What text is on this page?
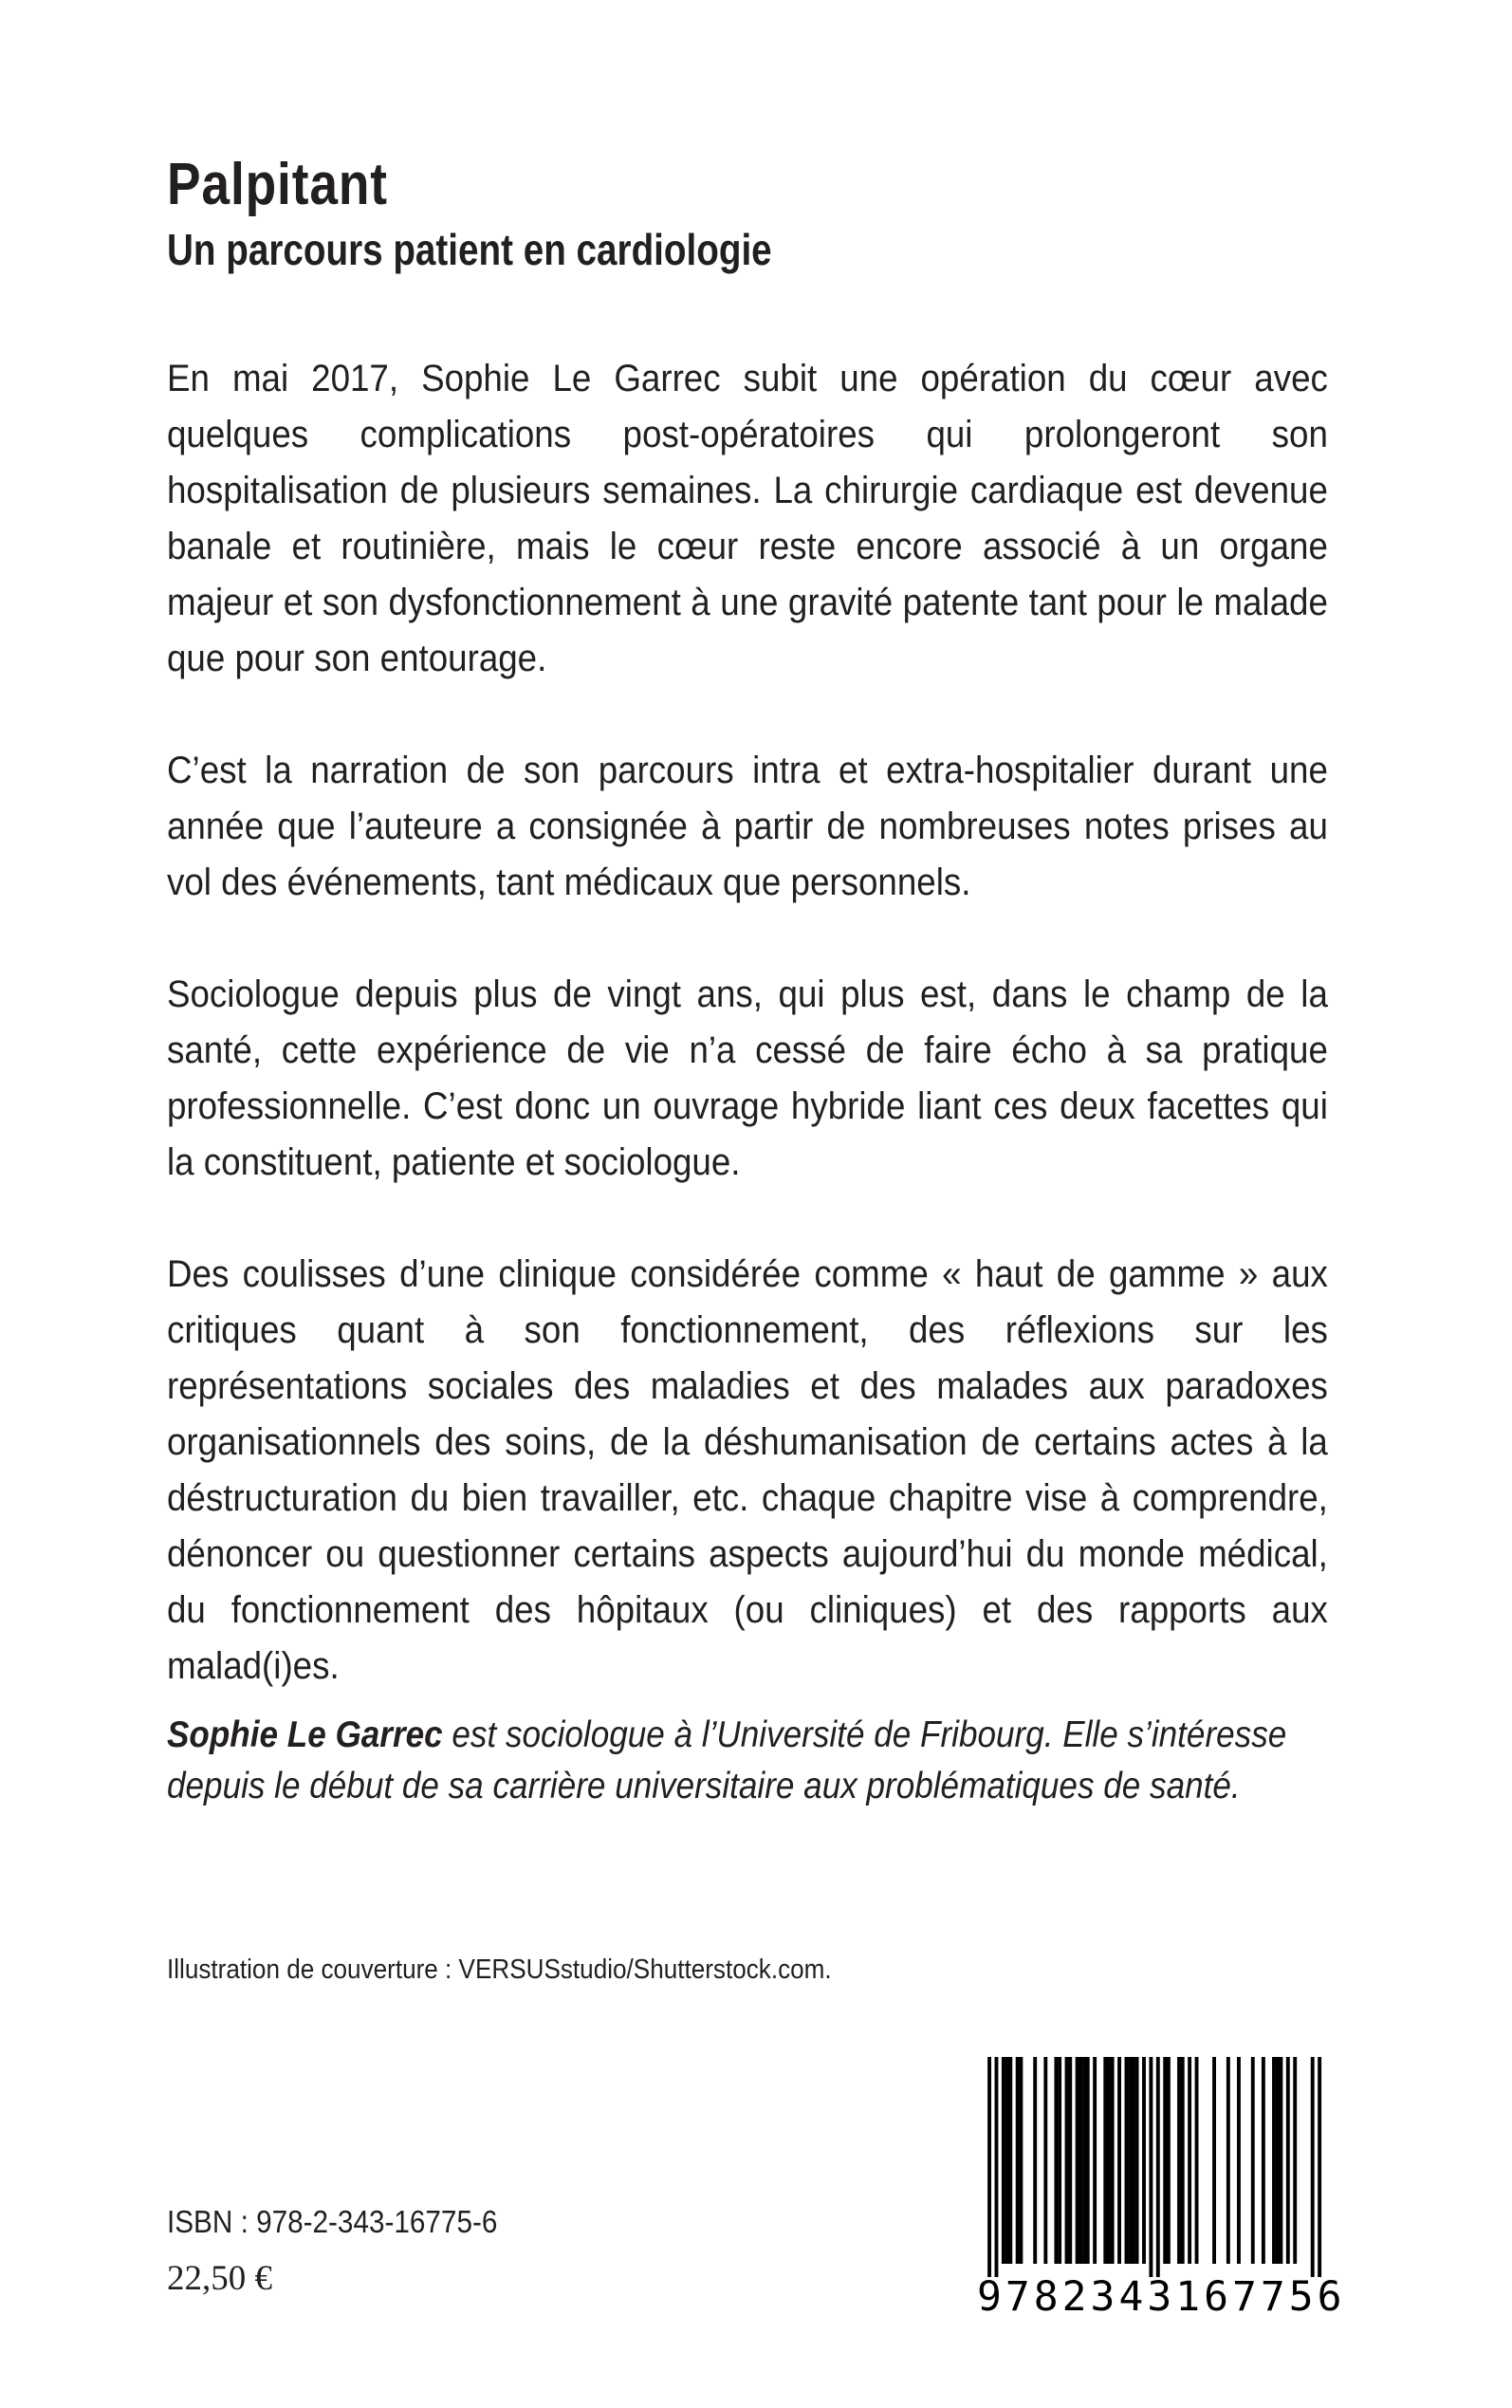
Palpitant
Un parcours patient en cardiologie

En mai 2017, Sophie Le Garrec subit une opération du cœur avec quelques complications post-opératoires qui prolongeront son hospitalisation de plusieurs semaines. La chirurgie cardiaque est devenue banale et routinière, mais le cœur reste encore associé à un organe majeur et son dysfonctionnement à une gravité patente tant pour le malade que pour son entourage.

C’est la narration de son parcours intra et extra-hospitalier durant une année que l’auteure a consignée à partir de nombreuses notes prises au vol des événements, tant médicaux que personnels.

Sociologue depuis plus de vingt ans, qui plus est, dans le champ de la santé, cette expérience de vie n’a cessé de faire écho à sa pratique professionnelle. C’est donc un ouvrage hybride liant ces deux facettes qui la constituent, patiente et sociologue.

Des coulisses d’une clinique considérée comme « haut de gamme » aux critiques quant à son fonctionnement, des réflexions sur les représentations sociales des maladies et des malades aux paradoxes organisationnels des soins, de la déshumanisation de certains actes à la déstructuration du bien travailler, etc. chaque chapitre vise à comprendre, dénoncer ou questionner certains aspects aujourd’hui du monde médical, du fonctionnement des hôpitaux (ou cliniques) et des rapports aux malad(i)es.

Sophie Le Garrec est sociologue à l’Université de Fribourg. Elle s’intéresse depuis le début de sa carrière universitaire aux problématiques de santé.

Illustration de couverture : VERSUSstudio/Shutterstock.com.

ISBN : 978-2-343-16775-6

22,50 €	9782343167756
